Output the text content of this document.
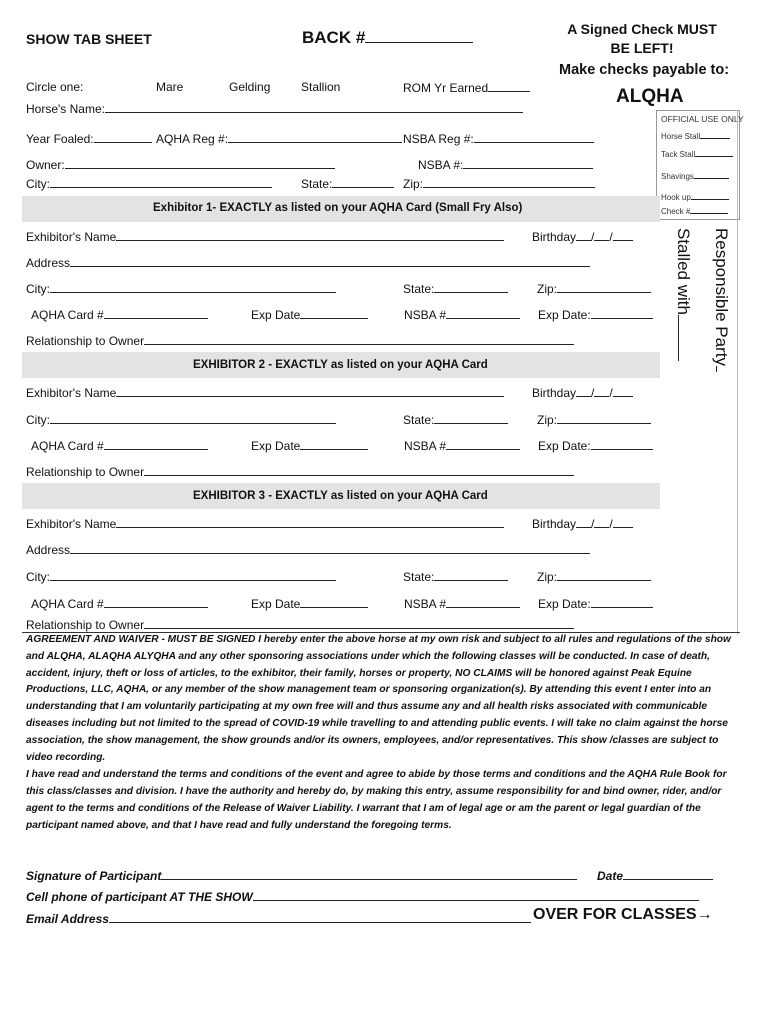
SHOW TAB SHEET	BACK #	A Signed Check MUST
BE LEFT!
Make checks payable to:
ALQHA
Circle one:	Mare	Gelding	Stallion	ROM Yr Earned
Horse's Name:
Year Foaled:	AQHA Reg #:	NSBA Reg #:
Owner:	NSBA #:
City:	State:	Zip:
OFFICIAL USE ONLY
Horse Stall
Tack Stall
Shavings
Hook up
Check #
Stalled with Responsible Party
Exhibitor 1- EXACTLY as listed on your AQHA Card (Small Fry Also)
Exhibitor's Name	Birthday / /
Address
City:	State:	Zip:
AQHA Card #	Exp Date	NSBA #	Exp Date:
Relationship to Owner
EXHIBITOR 2 - EXACTLY as listed on your AQHA Card
Exhibitor's Name	Birthday / /
City:	State:	Zip:
AQHA Card #	Exp Date	NSBA #	Exp Date:
Relationship to Owner
EXHIBITOR 3 - EXACTLY as listed on your AQHA Card
Exhibitor's Name	Birthday / /
Address
City:	State:	Zip:
AQHA Card #	Exp Date	NSBA #	Exp Date:
Relationship to Owner

AGREEMENT AND WAIVER - MUST BE SIGNED I hereby enter the above horse at my own risk and subject to all rules and regulations of the show and ALQHA, ALAQHA ALYQHA and any other sponsoring associations under which the following classes will be conducted. In case of death, accident, injury, theft or loss of articles, to the exhibitor, their family, horses or property, NO CLAIMS will be honored against Peak Equine Productions, LLC, AQHA, or any member of the show management team or sponsoring organization(s). By attending this event I enter into an understanding that I am voluntarily participating at my own free will and thus assume any and all health risks associated with communicable diseases including but not limited to the spread of COVID-19 while travelling to and attending public events. I will take no claim against the horse association, the show management, the show grounds and/or its owners, employees, and/or representatives. This show /classes are subject to video recording.

I have read and understand the terms and conditions of the event and agree to abide by those terms and conditions and the AQHA Rule Book for this class/classes and division. I have the authority and hereby do, by making this entry, assume responsibility for and bind owner, rider, and/or agent to the terms and conditions of the Release of Waiver Liability. I warrant that I am of legal age or am the parent or legal guardian of the participant named above, and that I have read and fully understand the foregoing terms.

Signature of Participant	Date
Cell phone of participant AT THE SHOW
Email Address	OVER FOR CLASSES→
